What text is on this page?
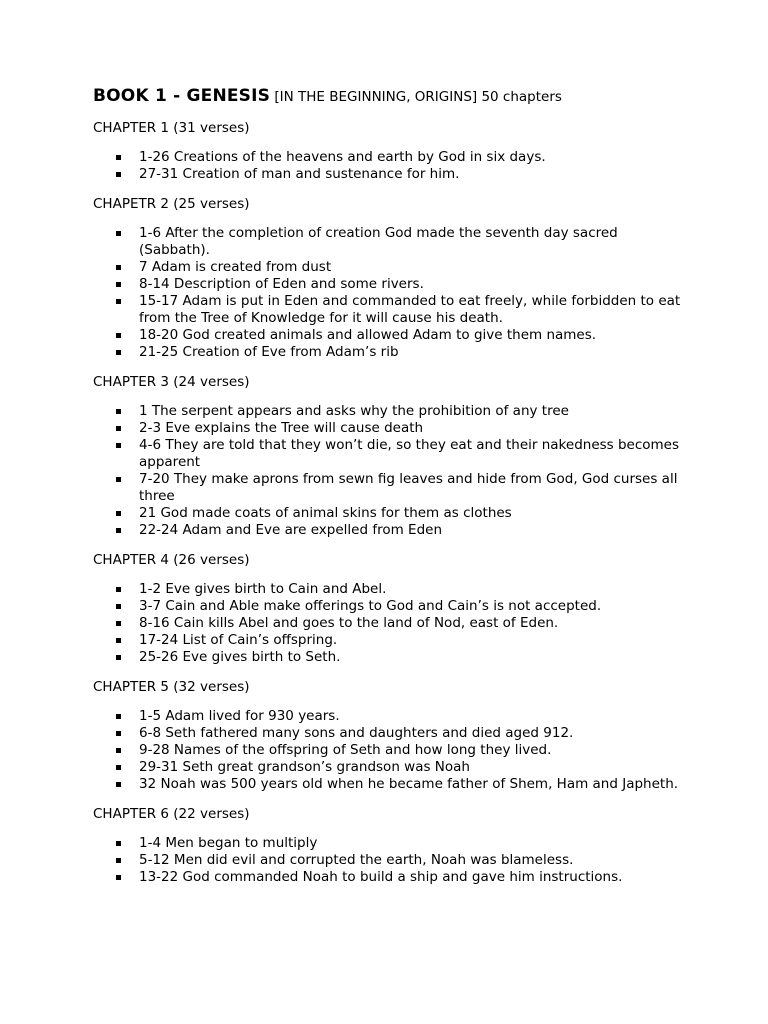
BOOK 1 - GENESIS [IN THE BEGINNING, ORIGINS] 50 chapters
CHAPTER 1 (31 verses)
1-26 Creations of the heavens and earth by God in six days.
27-31 Creation of man and sustenance for him.
CHAPETR 2 (25 verses)
1-6 After the completion of creation God made the seventh day sacred (Sabbath).
7 Adam is created from dust
8-14 Description of Eden and some rivers.
15-17 Adam is put in Eden and commanded to eat freely, while forbidden to eat from the Tree of Knowledge for it will cause his death.
18-20 God created animals and allowed Adam to give them names.
21-25 Creation of Eve from Adam’s rib
CHAPTER 3 (24 verses)
1 The serpent appears and asks why the prohibition of any tree
2-3 Eve explains the Tree will cause death
4-6 They are told that they won’t die, so they eat and their nakedness becomes apparent
7-20 They make aprons from sewn fig leaves and hide from God, God curses all three
21 God made coats of animal skins for them as clothes
22-24 Adam and Eve are expelled from Eden
CHAPTER 4 (26 verses)
1-2 Eve gives birth to Cain and Abel.
3-7 Cain and Able make offerings to God and Cain’s is not accepted.
8-16 Cain kills Abel and goes to the land of Nod, east of Eden.
17-24 List of Cain’s offspring.
25-26 Eve gives birth to Seth.
CHAPTER 5 (32 verses)
1-5 Adam lived for 930 years.
6-8 Seth fathered many sons and daughters and died aged 912.
9-28 Names of the offspring of Seth and how long they lived.
29-31 Seth great grandson’s grandson was Noah
32 Noah was 500 years old when he became father of Shem, Ham and Japheth.
CHAPTER 6 (22 verses)
1-4 Men began to multiply
5-12 Men did evil and corrupted the earth, Noah was blameless.
13-22 God commanded Noah to build a ship and gave him instructions.
